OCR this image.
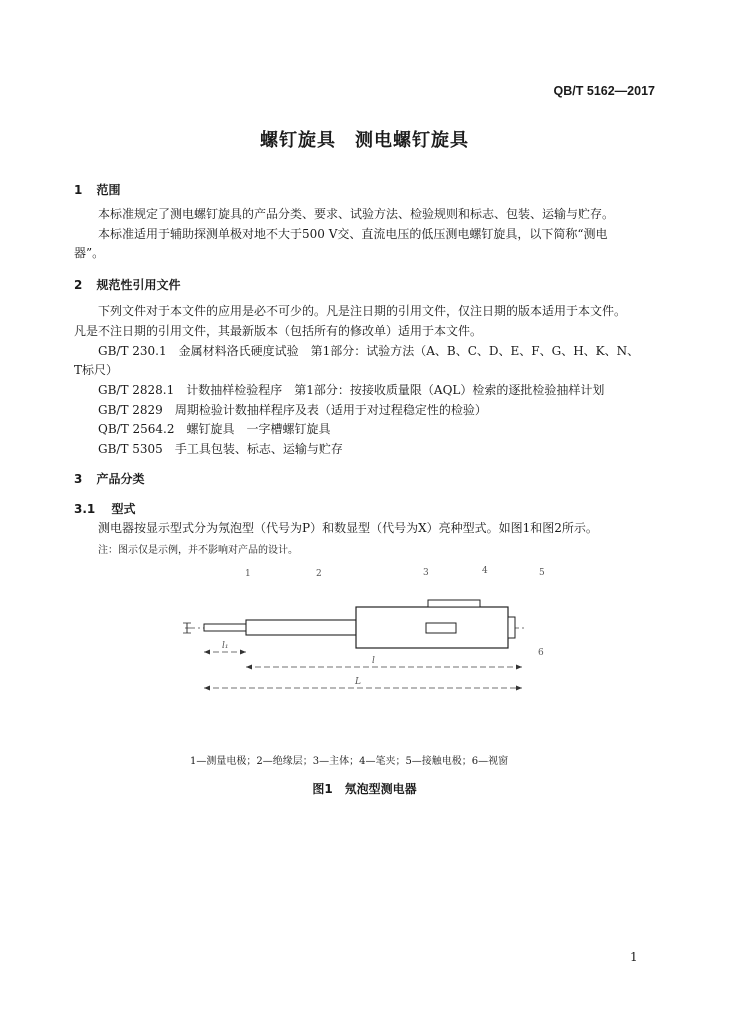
QB/T 5162—2017
螺钉旋具　测电螺钉旋具
1 范围
本标准规定了测电螺钉旋具的产品分类、要求、试验方法、检验规则和标志、包装、运输与贮存。
本标准适用于辅助探测单极对地不大于500 V交、直流电压的低压测电螺钉旋具，以下简称“测电
器”。
2 规范性引用文件
下列文件对于本文件的应用是必不可少的。凡是注日期的引用文件，仅注日期的版本适用于本文件。
凡是不注日期的引用文件，其最新版本（包括所有的修改单）适用于本文件。
GB/T 230.1 金属材料洛氏硬度试验　第1部分：试验方法（A、B、C、D、E、F、G、H、K、N、
T标尺）
GB/T 2828.1 计数抽样检验程序　第1部分：按接收质量限（AQL）检索的逐批检验抽样计划
GB/T 2829 周期检验计数抽样程序及表（适用于对过程稳定性的检验）
QB/T 2564.2 螺钉旋具　一字槽螺钉旋具
GB/T 5305 手工具包装、标志、运输与贮存
3 产品分类
3.1 型式
测电器按显示型式分为氖泡型（代号为P）和数显型（代号为X）亮种型式。如图1和图2所示。
注：图示仅是示例，并不影响对产品的设计。
1	2	3	4	5
6
l₁
l
L
1—测量电极；2—绝缘层；3—主体；4—笔夹；5—接触电极；6—视窗
图1　氖泡型测电器
1
